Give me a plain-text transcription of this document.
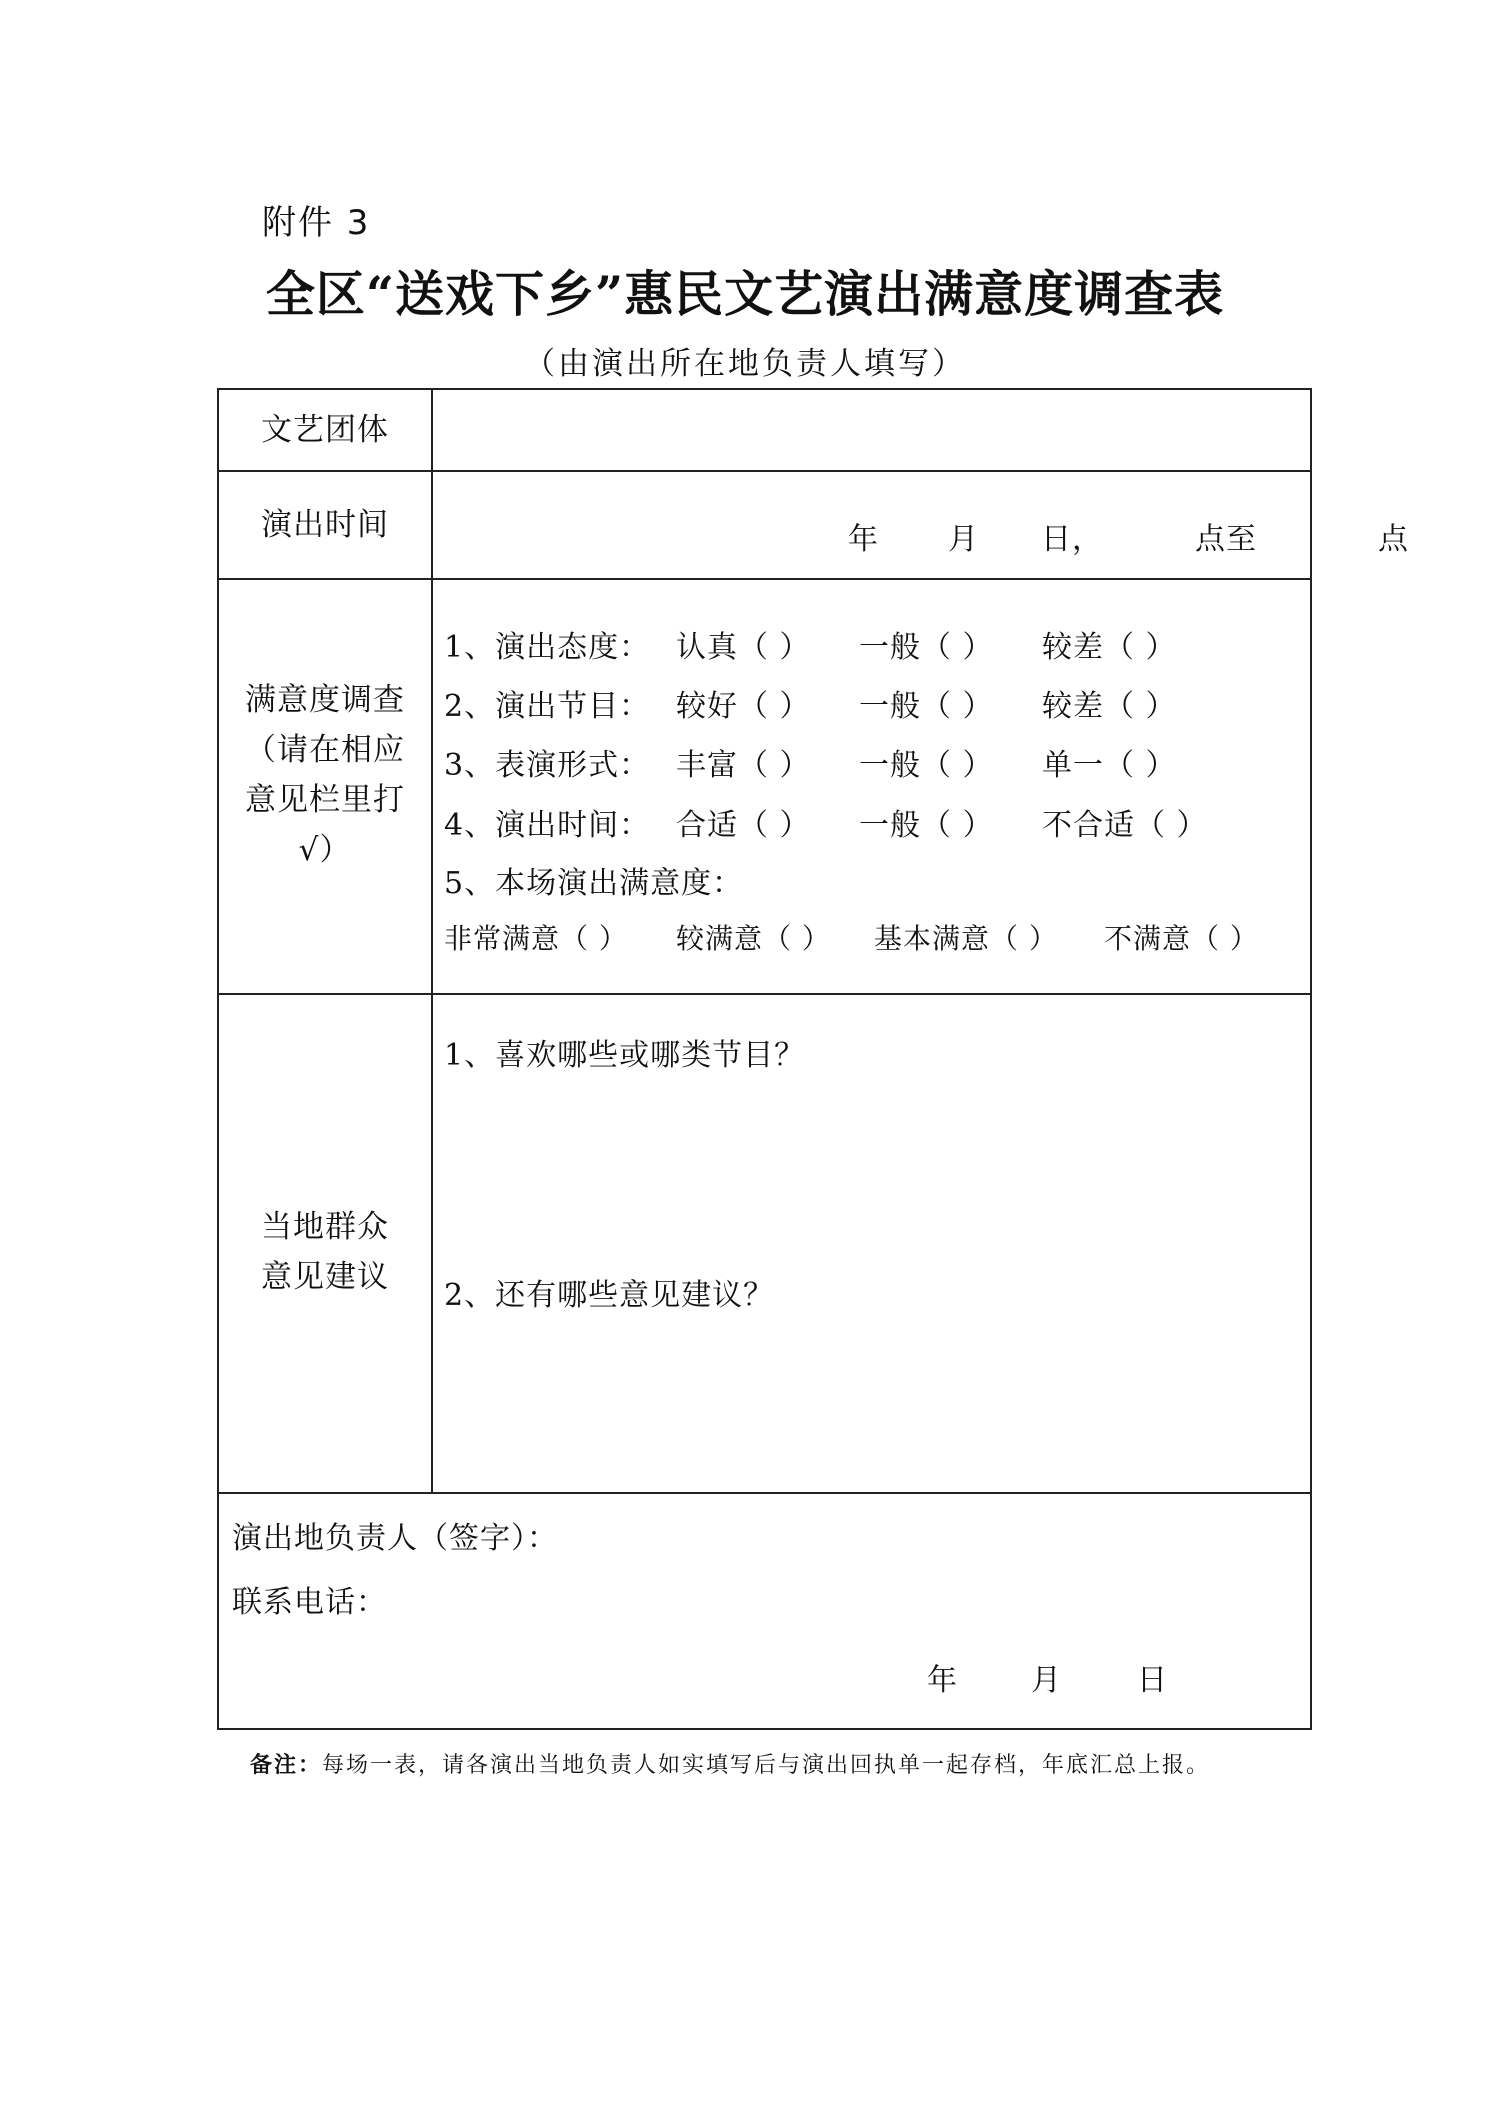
附件 3
全区“送戏下乡”惠民文艺演出满意度调查表
（由演出所在地负责人填写）
文艺团体
演出时间	年 月 日，	点至	点
满意度调查
（请在相应
意见栏里打
√）
1、演出态度： 认真（ ） 一般（ ） 较差（ ）
2、演出节目： 较好（ ） 一般（ ） 较差（ ）
3、表演形式： 丰富（ ） 一般（ ） 单一（ ）
4、演出时间： 合适（ ） 一般（ ） 不合适（ ）
5、本场演出满意度：
非常满意（ ） 较满意（ ） 基本满意（ ） 不满意（ ）
当地群众
意见建议
1、喜欢哪些或哪类节目？
2、还有哪些意见建议？
演出地负责人（签字）：
联系电话：
年 月	日
备注：每场一表，请各演出当地负责人如实填写后与演出回执单一起存档，年底汇总上报。
